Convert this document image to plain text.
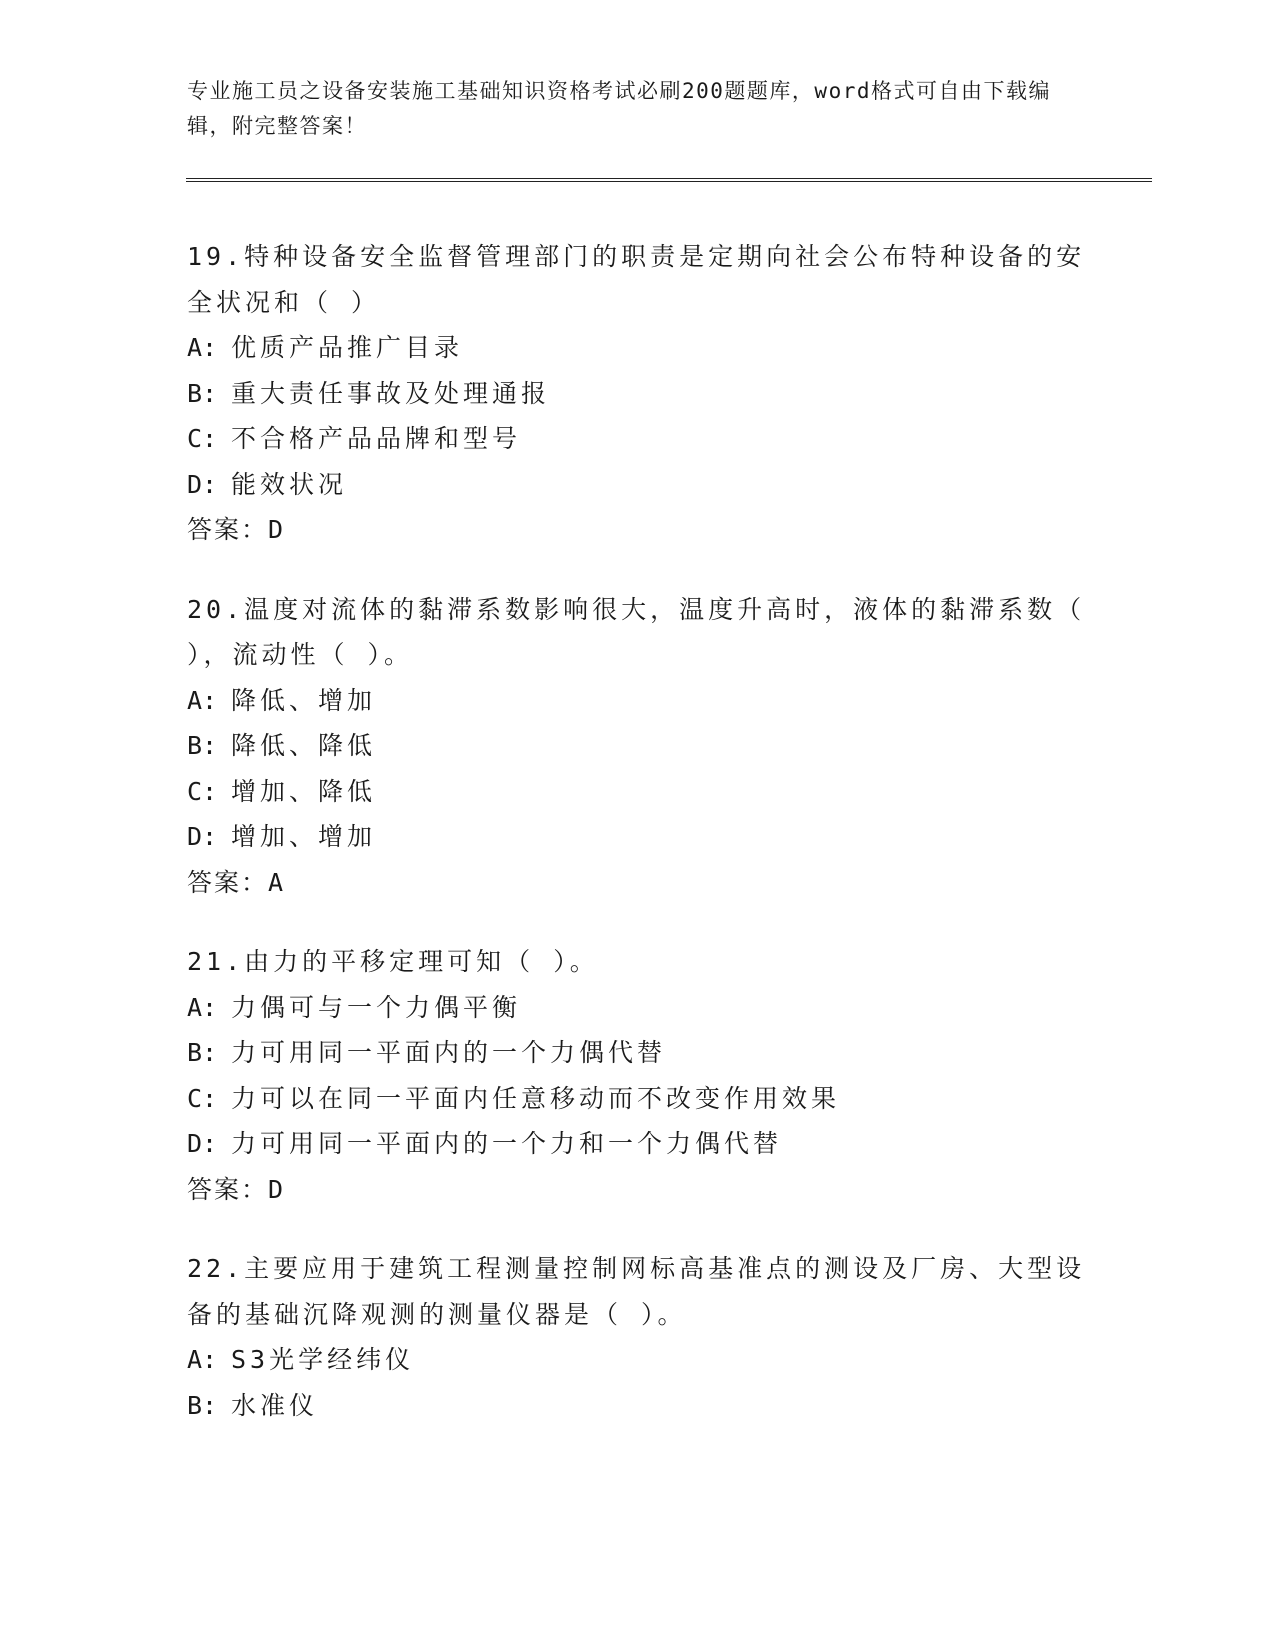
专业施工员之设备安装施工基础知识资格考试必刷200题题库，word格式可自由下载编辑，附完整答案！
19.特种设备安全监督管理部门的职责是定期向社会公布特种设备的安全状况和（ ）
A: 优质产品推广目录
B: 重大责任事故及处理通报
C: 不合格产品品牌和型号
D: 能效状况
答案：D
20.温度对流体的黏滞系数影响很大，温度升高时，液体的黏滞系数（ ），流动性（ ）。
A: 降低、增加
B: 降低、降低
C: 增加、降低
D: 增加、增加
答案：A
21.由力的平移定理可知（ ）。
A: 力偶可与一个力偶平衡
B: 力可用同一平面内的一个力偶代替
C: 力可以在同一平面内任意移动而不改变作用效果
D: 力可用同一平面内的一个力和一个力偶代替
答案：D
22.主要应用于建筑工程测量控制网标高基准点的测设及厂房、大型设备的基础沉降观测的测量仪器是（ ）。
A: S3光学经纬仪
B: 水准仪
